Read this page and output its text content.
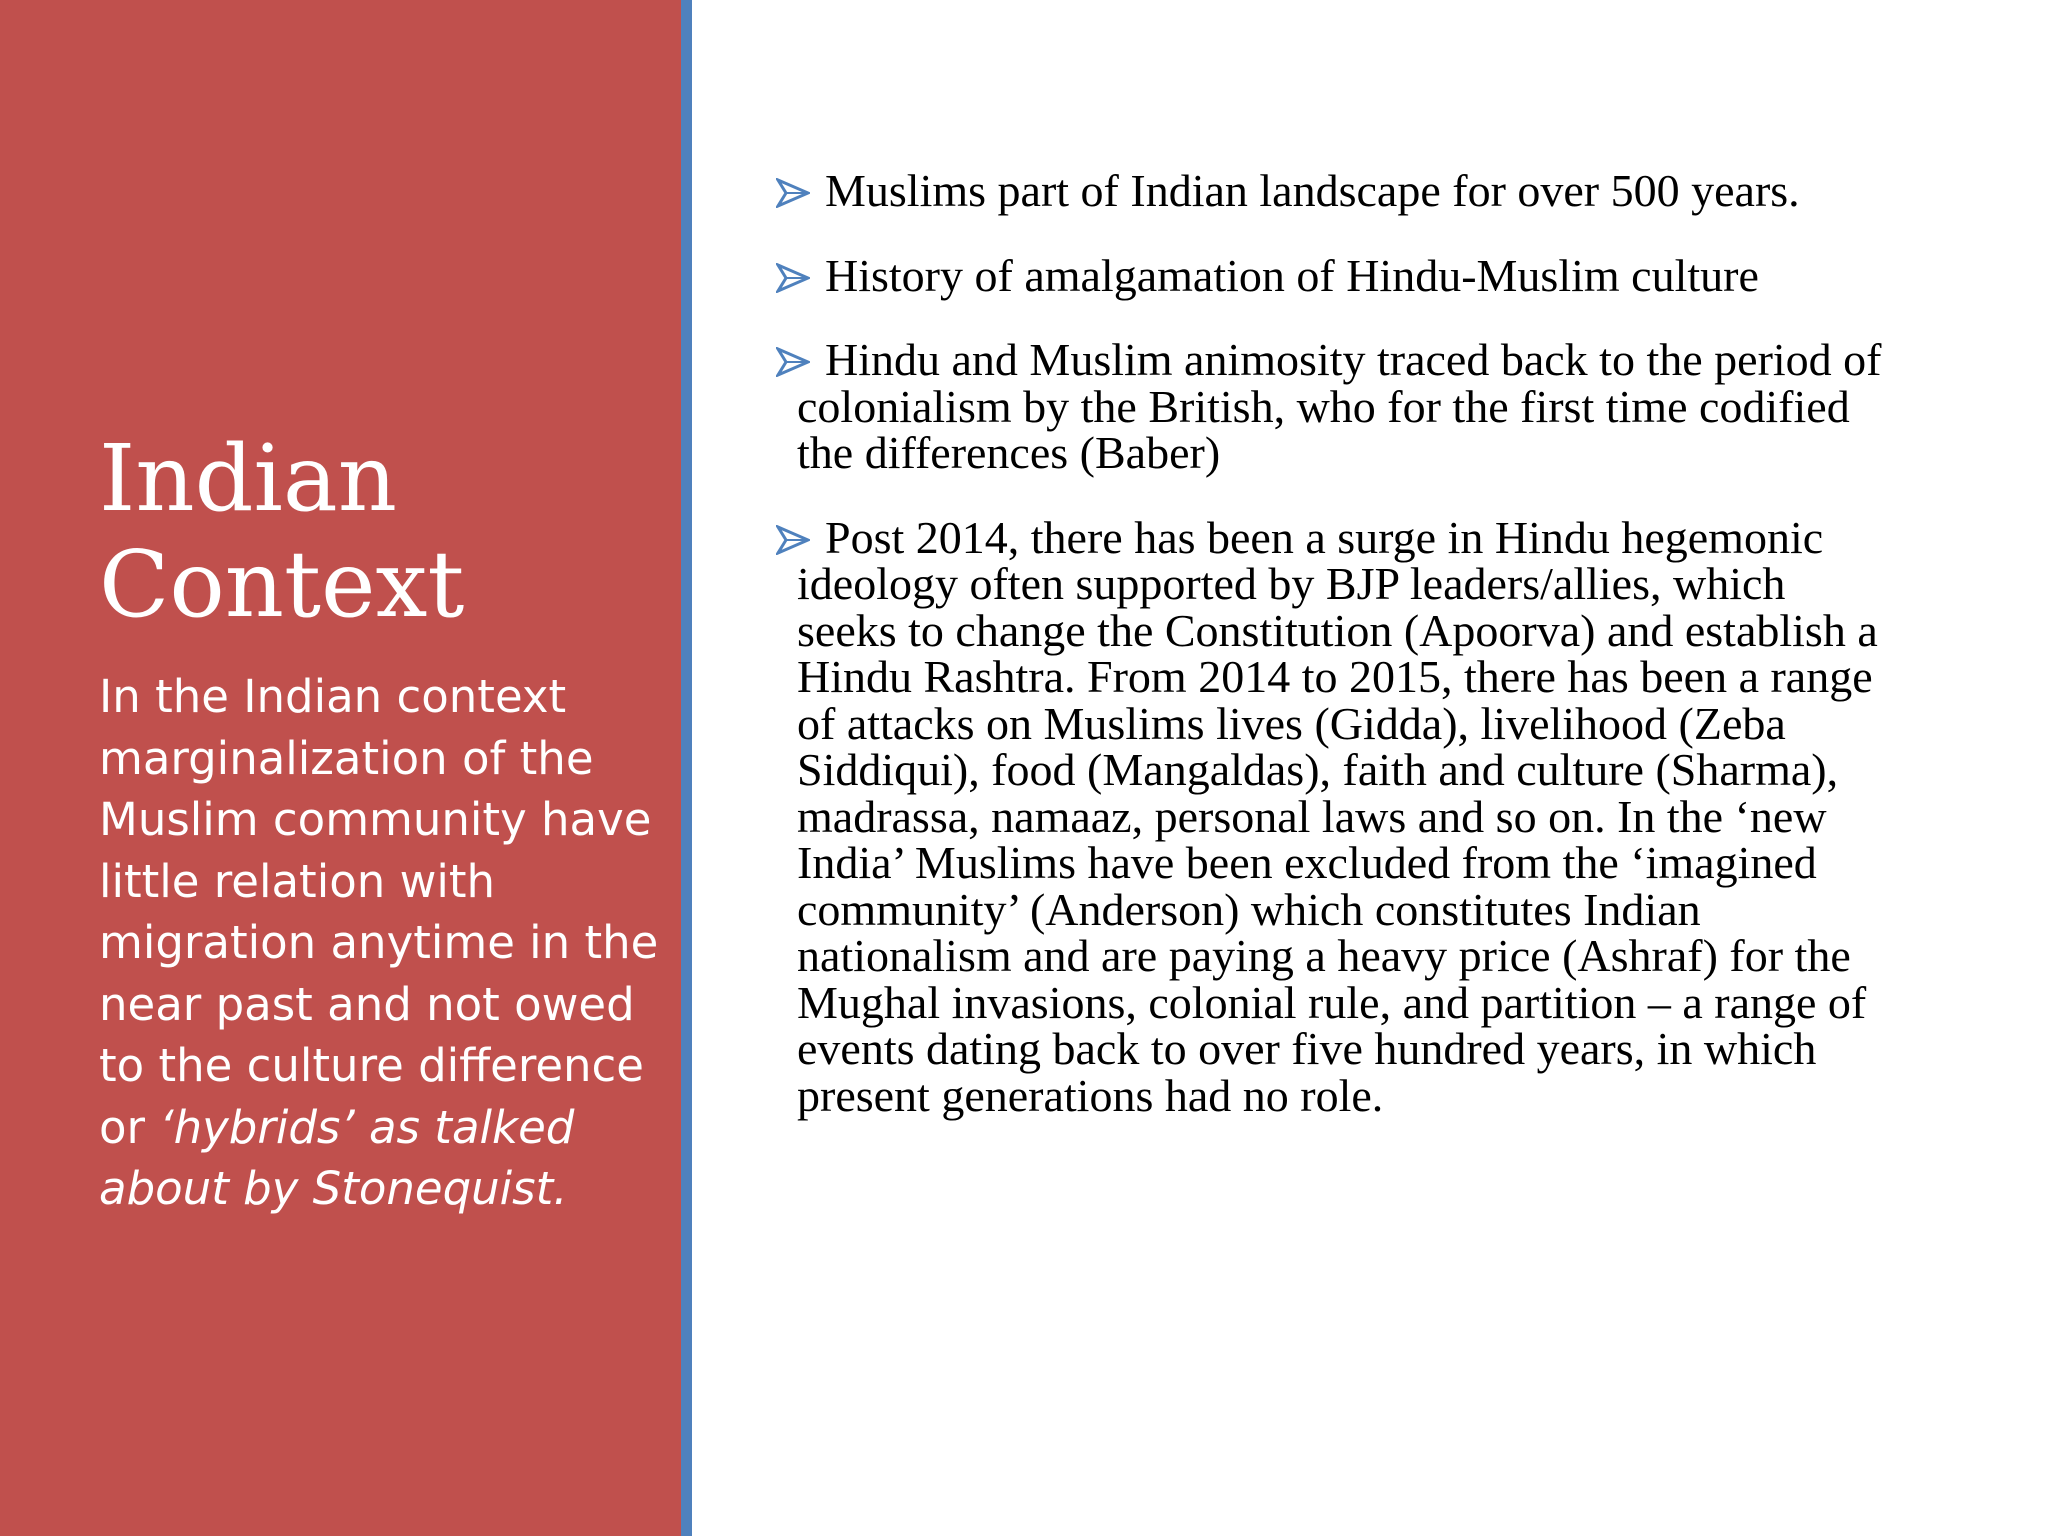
Indian
Context

In the Indian context marginalization of the Muslim community have little relation with migration anytime in the near past and not owed to the culture difference or ‘hybrids’ as talked about by Stonequist.

Muslims part of Indian landscape for over 500 years.
History of amalgamation of Hindu-Muslim culture
Hindu and Muslim animosity traced back to the period of colonialism by the British, who for the first time codified the differences (Baber)
Post 2014, there has been a surge in Hindu hegemonic ideology often supported by BJP leaders/allies, which seeks to change the Constitution (Apoorva) and establish a Hindu Rashtra. From 2014 to 2015, there has been a range of attacks on Muslims lives (Gidda), livelihood (Zeba Siddiqui), food (Mangaldas), faith and culture (Sharma), madrassa, namaaz, personal laws and so on. In the ‘new India’ Muslims have been excluded from the ‘imagined community’ (Anderson) which constitutes Indian nationalism and are paying a heavy price (Ashraf) for the Mughal invasions, colonial rule, and partition – a range of events dating back to over five hundred years, in which present generations had no role.
